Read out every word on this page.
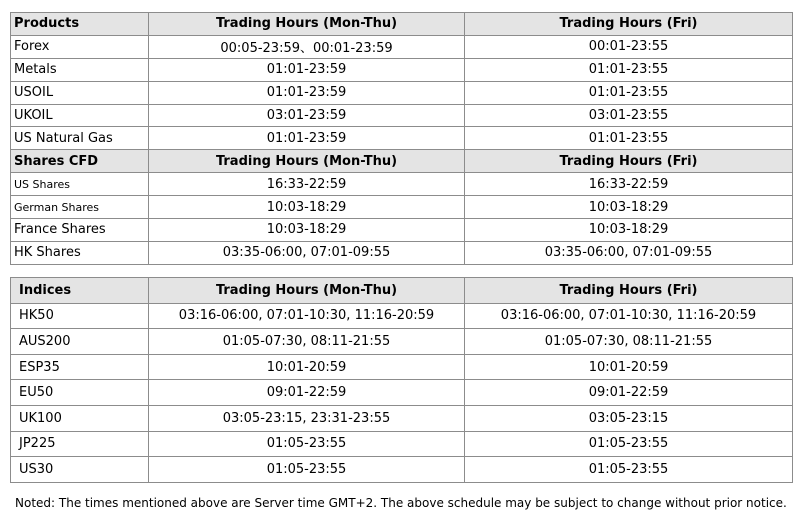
Products	Trading Hours (Mon-Thu)	Trading Hours (Fri)
Forex	00:05-23:59、00:01-23:59	00:01-23:55
Metals	01:01-23:59	01:01-23:55
USOIL	01:01-23:59	01:01-23:55
UKOIL	03:01-23:59	03:01-23:55
US Natural Gas	01:01-23:59	01:01-23:55
Shares CFD	Trading Hours (Mon-Thu)	Trading Hours (Fri)
US Shares	16:33-22:59	16:33-22:59
German Shares	10:03-18:29	10:03-18:29
France Shares	10:03-18:29	10:03-18:29
HK Shares	03:35-06:00, 07:01-09:55	03:35-06:00, 07:01-09:55
Indices	Trading Hours (Mon-Thu)	Trading Hours (Fri)
HK50	03:16-06:00, 07:01-10:30, 11:16-20:59	03:16-06:00, 07:01-10:30, 11:16-20:59
AUS200	01:05-07:30, 08:11-21:55	01:05-07:30, 08:11-21:55
ESP35	10:01-20:59	10:01-20:59
EU50	09:01-22:59	09:01-22:59
UK100	03:05-23:15, 23:31-23:55	03:05-23:15
JP225	01:05-23:55	01:05-23:55
US30	01:05-23:55	01:05-23:55
Noted: The times mentioned above are Server time GMT+2. The above schedule may be subject to change without prior notice.
